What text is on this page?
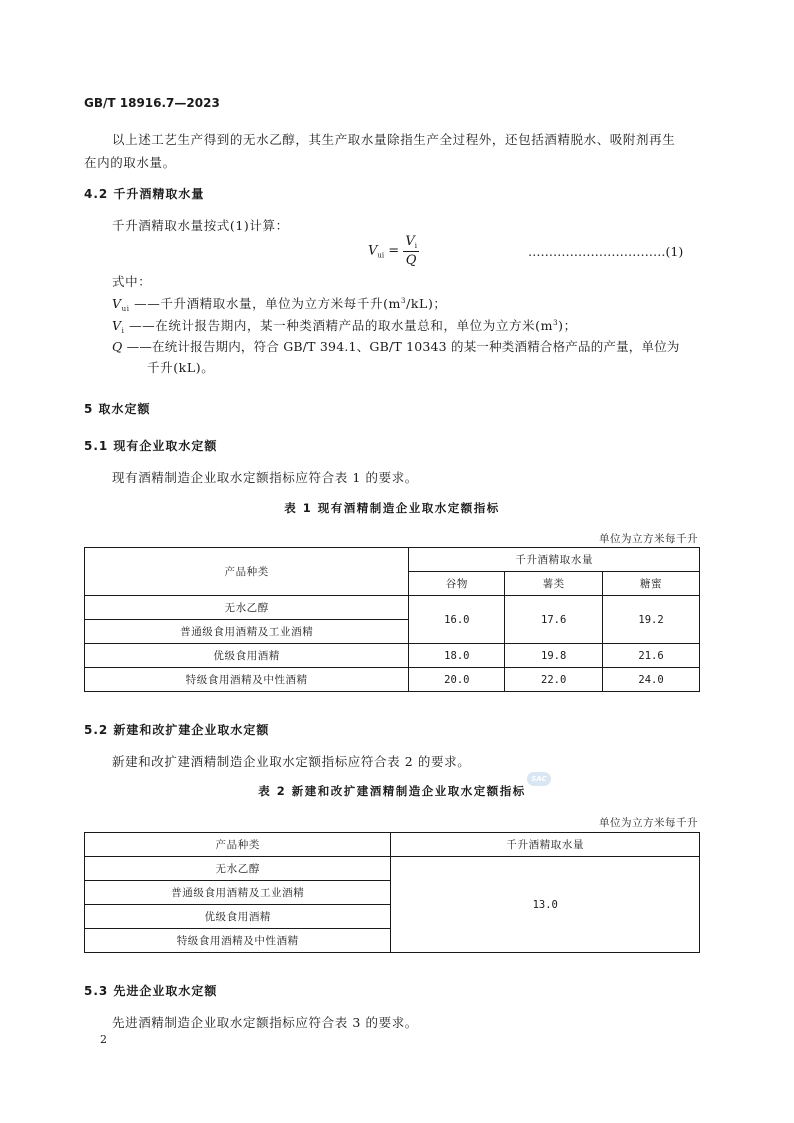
GB/T 18916.7—2023
以上述工艺生产得到的无水乙醇，其生产取水量除指生产全过程外，还包括酒精脱水、吸附剂再生
在内的取水量。
4.2 千升酒精取水量
千升酒精取水量按式(1)计算：
$V_{ui} = \frac{V_i}{Q}$	……………………………(1)
式中：
$V_{ui}$ ——千升酒精取水量，单位为立方米每千升$(m^3/kL)$；
$V_i$ ——在统计报告期内，某一种类酒精产品的取水量总和，单位为立方米$(m^3)$；
Q ——在统计报告期内，符合 GB/T 394.1、GB/T 10343 的某一种类酒精合格产品的产量，单位为
千升(kL)。
5 取水定额
5.1 现有企业取水定额
现有酒精制造企业取水定额指标应符合表 1 的要求。
表 1 现有酒精制造企业取水定额指标
单位为立方米每千升
产品种类	千升酒精取水量		
	谷物	薯类	糖蜜
无水乙醇	16.0	17.6	19.2
普通级食用酒精及工业酒精			
优级食用酒精	18.0	19.8	21.6
特级食用酒精及中性酒精	20.0	22.0	24.0
5.2 新建和改扩建企业取水定额
新建和改扩建酒精制造企业取水定额指标应符合表 2 的要求。
表 2 新建和改扩建酒精制造企业取水定额指标
SAC
单位为立方米每千升
产品种类	千升酒精取水量
无水乙醇	13.0
普通级食用酒精及工业酒精	
优级食用酒精	
特级食用酒精及中性酒精	
5.3 先进企业取水定额
先进酒精制造企业取水定额指标应符合表 3 的要求。
2
